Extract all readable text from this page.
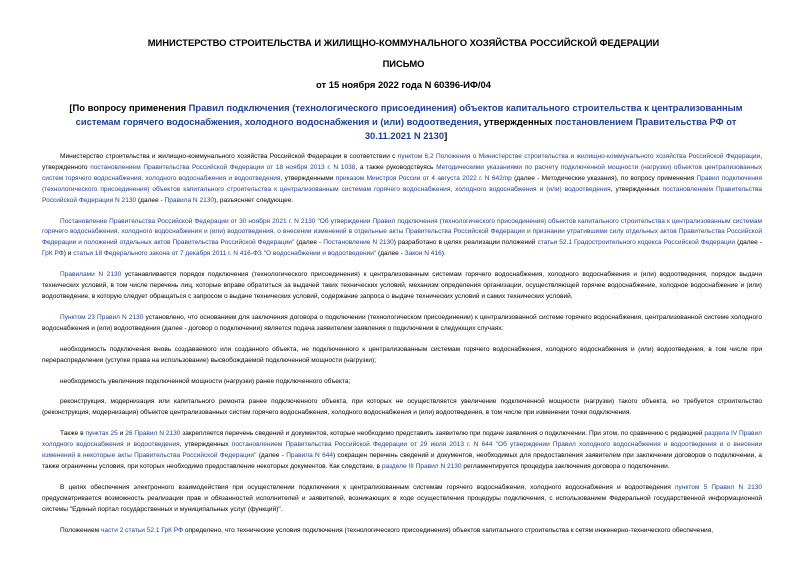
МИНИСТЕРСТВО СТРОИТЕЛЬСТВА И ЖИЛИЩНО-КОММУНАЛЬНОГО ХОЗЯЙСТВА РОССИЙСКОЙ ФЕДЕРАЦИИ
ПИСЬМО
от 15 ноября 2022 года N 60396-ИФ/04
[По вопросу применения Правил подключения (технологического присоединения) объектов капитального строительства к централизованным системам горячего водоснабжения, холодного водоснабжения и (или) водоотведения, утвержденных постановлением Правительства РФ от 30.11.2021 N 2130]

Министерство строительства и жилищно-коммунального хозяйства Российской Федерации в соответствии с пунктом 6.2 Положения о Министерстве строительства и жилищно-коммунального хозяйства Российской Федерации, утвержденного постановлением Правительства Российской Федерации от 18 ноября 2013 г. N 1038, а также руководствуясь Методическими указаниями по расчету подключенной мощности (нагрузки) объектов централизованных систем горячего водоснабжения, холодного водоснабжения и водоотведения, утвержденными приказом Минстроя России от 4 августа 2022 г. N 642/пр (далее - Методические указания), по вопросу применения Правил подключения (технологического присоединения) объектов капитального строительства к централизованным системам горячего водоснабжения, холодного водоснабжения и (или) водоотведения, утвержденных постановлением Правительства Российской Федерации N 2130 (далее - Правила N 2130), разъясняет следующее.

Постановление Правительства Российской Федерации от 30 ноября 2021 г. N 2130 "Об утверждении Правил подключения (технологического присоединения) объектов капитального строительства к централизованным системам горячего водоснабжения, холодного водоснабжения и (или) водоотведения, о внесении изменений в отдельные акты Правительства Российской Федерации и признании утратившими силу отдельных актов Правительства Российской Федерации и положений отдельных актов Правительства Российской Федерации" (далее - Постановление N 2130) разработано в целях реализации положений статьи 52.1 Градостроительного кодекса Российской Федерации (далее - ГрК РФ) и статьи 18 Федерального закона от 7 декабря 2011 г. N 416-ФЗ "О водоснабжении и водоотведении" (далее - Закон N 416).

Правилами N 2130 устанавливается порядок подключения (технологического присоединения) к централизованным системам горячего водоснабжения, холодного водоснабжения и (или) водоотведения, порядок выдачи технических условий, в том числе перечень лиц, которые вправе обратиться за выдачей таких технических условий, механизм определения организации, осуществляющей горячее водоснабжение, холодное водоснабжение и (или) водоотведение, в которую следует обращаться с запросом о выдаче технических условий, содержание запроса о выдаче технических условий и самих технических условий.

Пунктом 23 Правил N 2130 установлено, что основанием для заключения договора о подключении (технологическом присоединении) к централизованной системе горячего водоснабжения, централизованной системе холодного водоснабжения и (или) водоотведения (далее - договор о подключении) является подача заявителем заявления о подключении в следующих случаях:

необходимость подключения вновь создаваемого или созданного объекта, не подключенного к централизованным системам горячего водоснабжения, холодного водоснабжения и (или) водоотведения, в том числе при перераспределении (уступке права на использование) высвобождаемой подключенной мощности (нагрузки);

необходимость увеличения подключенной мощности (нагрузки) ранее подключенного объекта;

реконструкция, модернизация или капитального ремонта ранее подключенного объекта, при которых не осуществляется увеличение подключенной мощности (нагрузки) такого объекта, но требуется строительство (реконструкция, модернизация) объектов централизованных систем горячего водоснабжения, холодного водоснабжения и (или) водоотведения, в том числе при изменении точки подключения.

Также в пунктах 25 и 26 Правил N 2130 закрепляется перечень сведений и документов, которые необходимо представить заявителю при подаче заявления о подключении. При этом, по сравнению с редакцией раздела IV Правил холодного водоснабжения и водоотведения, утвержденных постановлением Правительства Российской Федерации от 29 июля 2013 г. N 644 "Об утверждении Правил холодного водоснабжения и водоотведения и о внесении изменений в некоторые акты Правительства Российской Федерации" (далее - Правила N 644) сокращен перечень сведений и документов, необходимых для предоставления заявителем при заключении договоров о подключении, а также ограничены условия, при которых необходимо предоставление некоторых документов. Как следствие, в разделе III Правил N 2130 регламентируется процедура заключения договора о подключении.

В целях обеспечения электронного взаимодействия при осуществлении подключения к централизованным системам горячего водоснабжения, холодного водоснабжения и водоотведения пунктом 5 Правил N 2130 предусматривается возможность реализации прав и обязанностей исполнителей и заявителей, возникающих в ходе осуществления процедуры подключения, с использованием Федеральной государственной информационной системы "Единый портал государственных и муниципальных услуг (функций)".

Положением части 2 статьи 52.1 ГрК РФ определено, что технические условия подключения (технологического присоединения) объектов капитального строительства к сетям инженерно-технического обеспечения,
